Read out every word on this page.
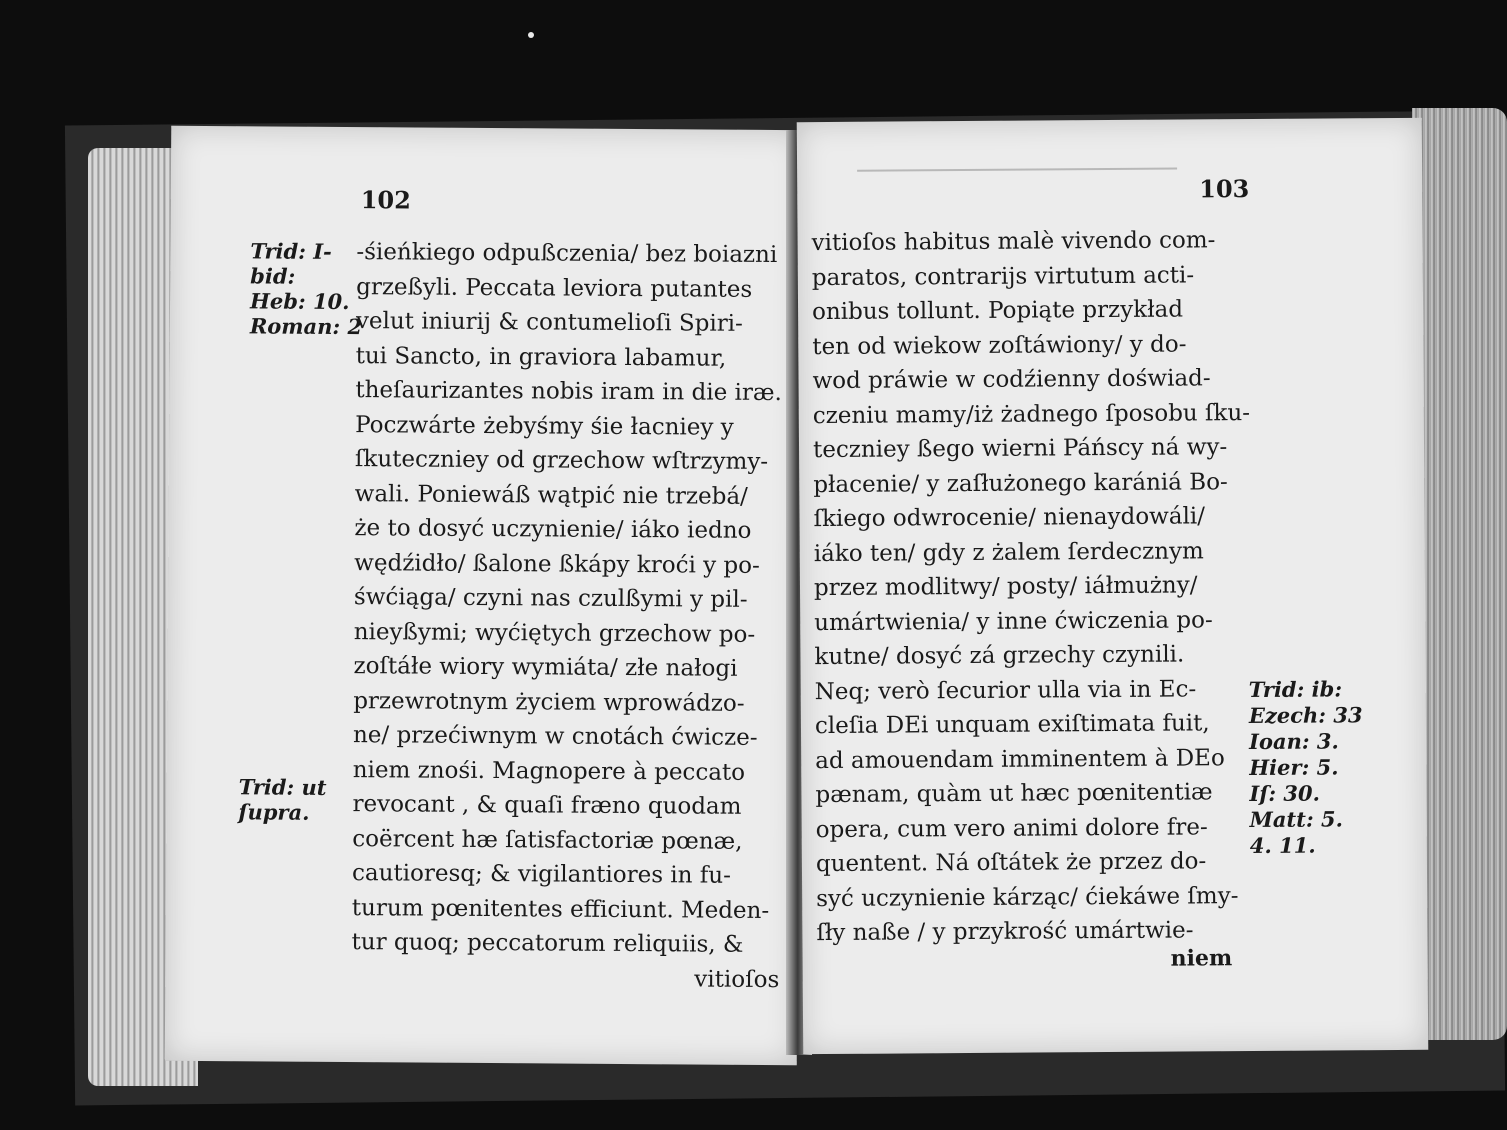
102
Trid: I-
bid:
Heb: 10.
Roman: 2
Trid: ut
ſupra.
-śieńkiego odpußczenia/ bez boiazni
grzeßyli. Peccata leviora putantes
velut iniurij & contumelioſi Spiri-
tui Sancto, in graviora labamur,
theſaurizantes nobis iram in die iræ.
Poczwárte żebyśmy śie łacniey y
ſkuteczniey od grzechow wſtrzymy-
wali. Poniewáß wątpić nie trzebá/
że to dosyć uczynienie/ iáko iedno
wędźidło/ ßalone ßkápy kroći y po-
śwćiąga/ czyni nas czulßymi y pil-
nieyßymi; wyćiętych grzechow po-
zoſtáłe wiory wymiáta/ złe nałogi
przewrotnym życiem wprowádzo-
ne/ przećiwnym w cnotách ćwicze-
niem znośi. Magnopere à peccato
revocant , & quaſi fræno quodam
coërcent hæ ſatisfactoriæ pœnæ,
cautioresq; & vigilantiores in fu-
turum pœnitentes efficiunt. Meden-
tur quoq; peccatorum reliquiis, &
vitioſos
103
vitioſos habitus malè vivendo com-
paratos, contrarijs virtutum acti-
onibus tollunt. Popiąte przykład
ten od wiekow zoſtáwiony/ y do-
wod práwie w codźienny doświad-
czeniu mamy/iż żadnego ſposobu ſku-
teczniey ßego wierni Páńscy ná wy-
płacenie/ y zaſłużonego karániá Bo-
ſkiego odwrocenie/ nienaydowáli/
iáko ten/ gdy z żalem ſerdecznym
przez modlitwy/ posty/ iáłmużny/
umártwienia/ y inne ćwiczenia po-
kutne/ dosyć zá grzechy czynili.
Neq; verò ſecurior ulla via in Ec-
cleſia DEi unquam exiſtimata fuit,
ad amouendam imminentem à DEo
pænam, quàm ut hæc pœnitentiæ
opera, cum vero animi dolore fre-
quentent. Ná oſtátek że przez do-
syć uczynienie kárząc/ ćiekáwe ſmy-
ſły naße / y przykrość umártwie-
niem
Trid: ib:
Ezech: 33
Ioan: 3.
Hier: 5.
Iſ: 30.
Matt: 5.
4. 11.
